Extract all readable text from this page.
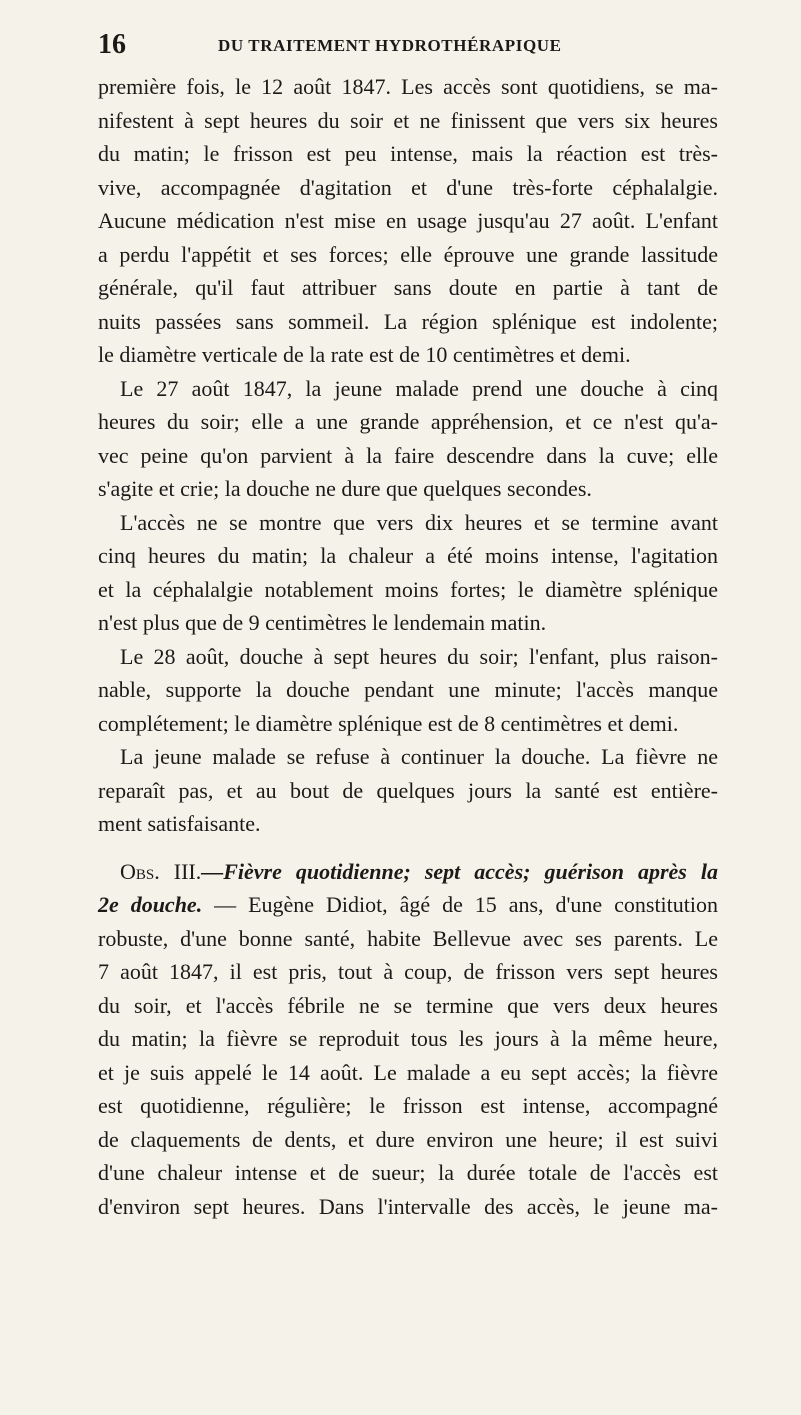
16	DU TRAITEMENT HYDROTHÉRAPIQUE
première fois, le 12 août 1847. Les accès sont quotidiens, se ma-
nifestent à sept heures du soir et ne finissent que vers six heures
du matin; le frisson est peu intense, mais la réaction est très-
vive, accompagnée d'agitation et d'une très-forte céphalalgie.
Aucune médication n'est mise en usage jusqu'au 27 août. L'enfant
a perdu l'appétit et ses forces; elle éprouve une grande lassitude
générale, qu'il faut attribuer sans doute en partie à tant de
nuits passées sans sommeil. La région splénique est indolente;
le diamètre verticale de la rate est de 10 centimètres et demi.
Le 27 août 1847, la jeune malade prend une douche à cinq
heures du soir; elle a une grande appréhension, et ce n'est qu'a-
vec peine qu'on parvient à la faire descendre dans la cuve; elle
s'agite et crie; la douche ne dure que quelques secondes.
L'accès ne se montre que vers dix heures et se termine avant
cinq heures du matin; la chaleur a été moins intense, l'agitation
et la céphalalgie notablement moins fortes; le diamètre splénique
n'est plus que de 9 centimètres le lendemain matin.
Le 28 août, douche à sept heures du soir; l'enfant, plus raison-
nable, supporte la douche pendant une minute; l'accès manque
complétement; le diamètre splénique est de 8 centimètres et demi.
La jeune malade se refuse à continuer la douche. La fièvre ne
reparaît pas, et au bout de quelques jours la santé est entière-
ment satisfaisante.
Obs. III.—Fièvre quotidienne; sept accès; guérison après la
2e douche. — Eugène Didiot, âgé de 15 ans, d'une constitution
robuste, d'une bonne santé, habite Bellevue avec ses parents. Le
7 août 1847, il est pris, tout à coup, de frisson vers sept heures
du soir, et l'accès fébrile ne se termine que vers deux heures
du matin; la fièvre se reproduit tous les jours à la même heure,
et je suis appelé le 14 août. Le malade a eu sept accès; la fièvre
est quotidienne, régulière; le frisson est intense, accompagné
de claquements de dents, et dure environ une heure; il est suivi
d'une chaleur intense et de sueur; la durée totale de l'accès est
d'environ sept heures. Dans l'intervalle des accès, le jeune ma-
